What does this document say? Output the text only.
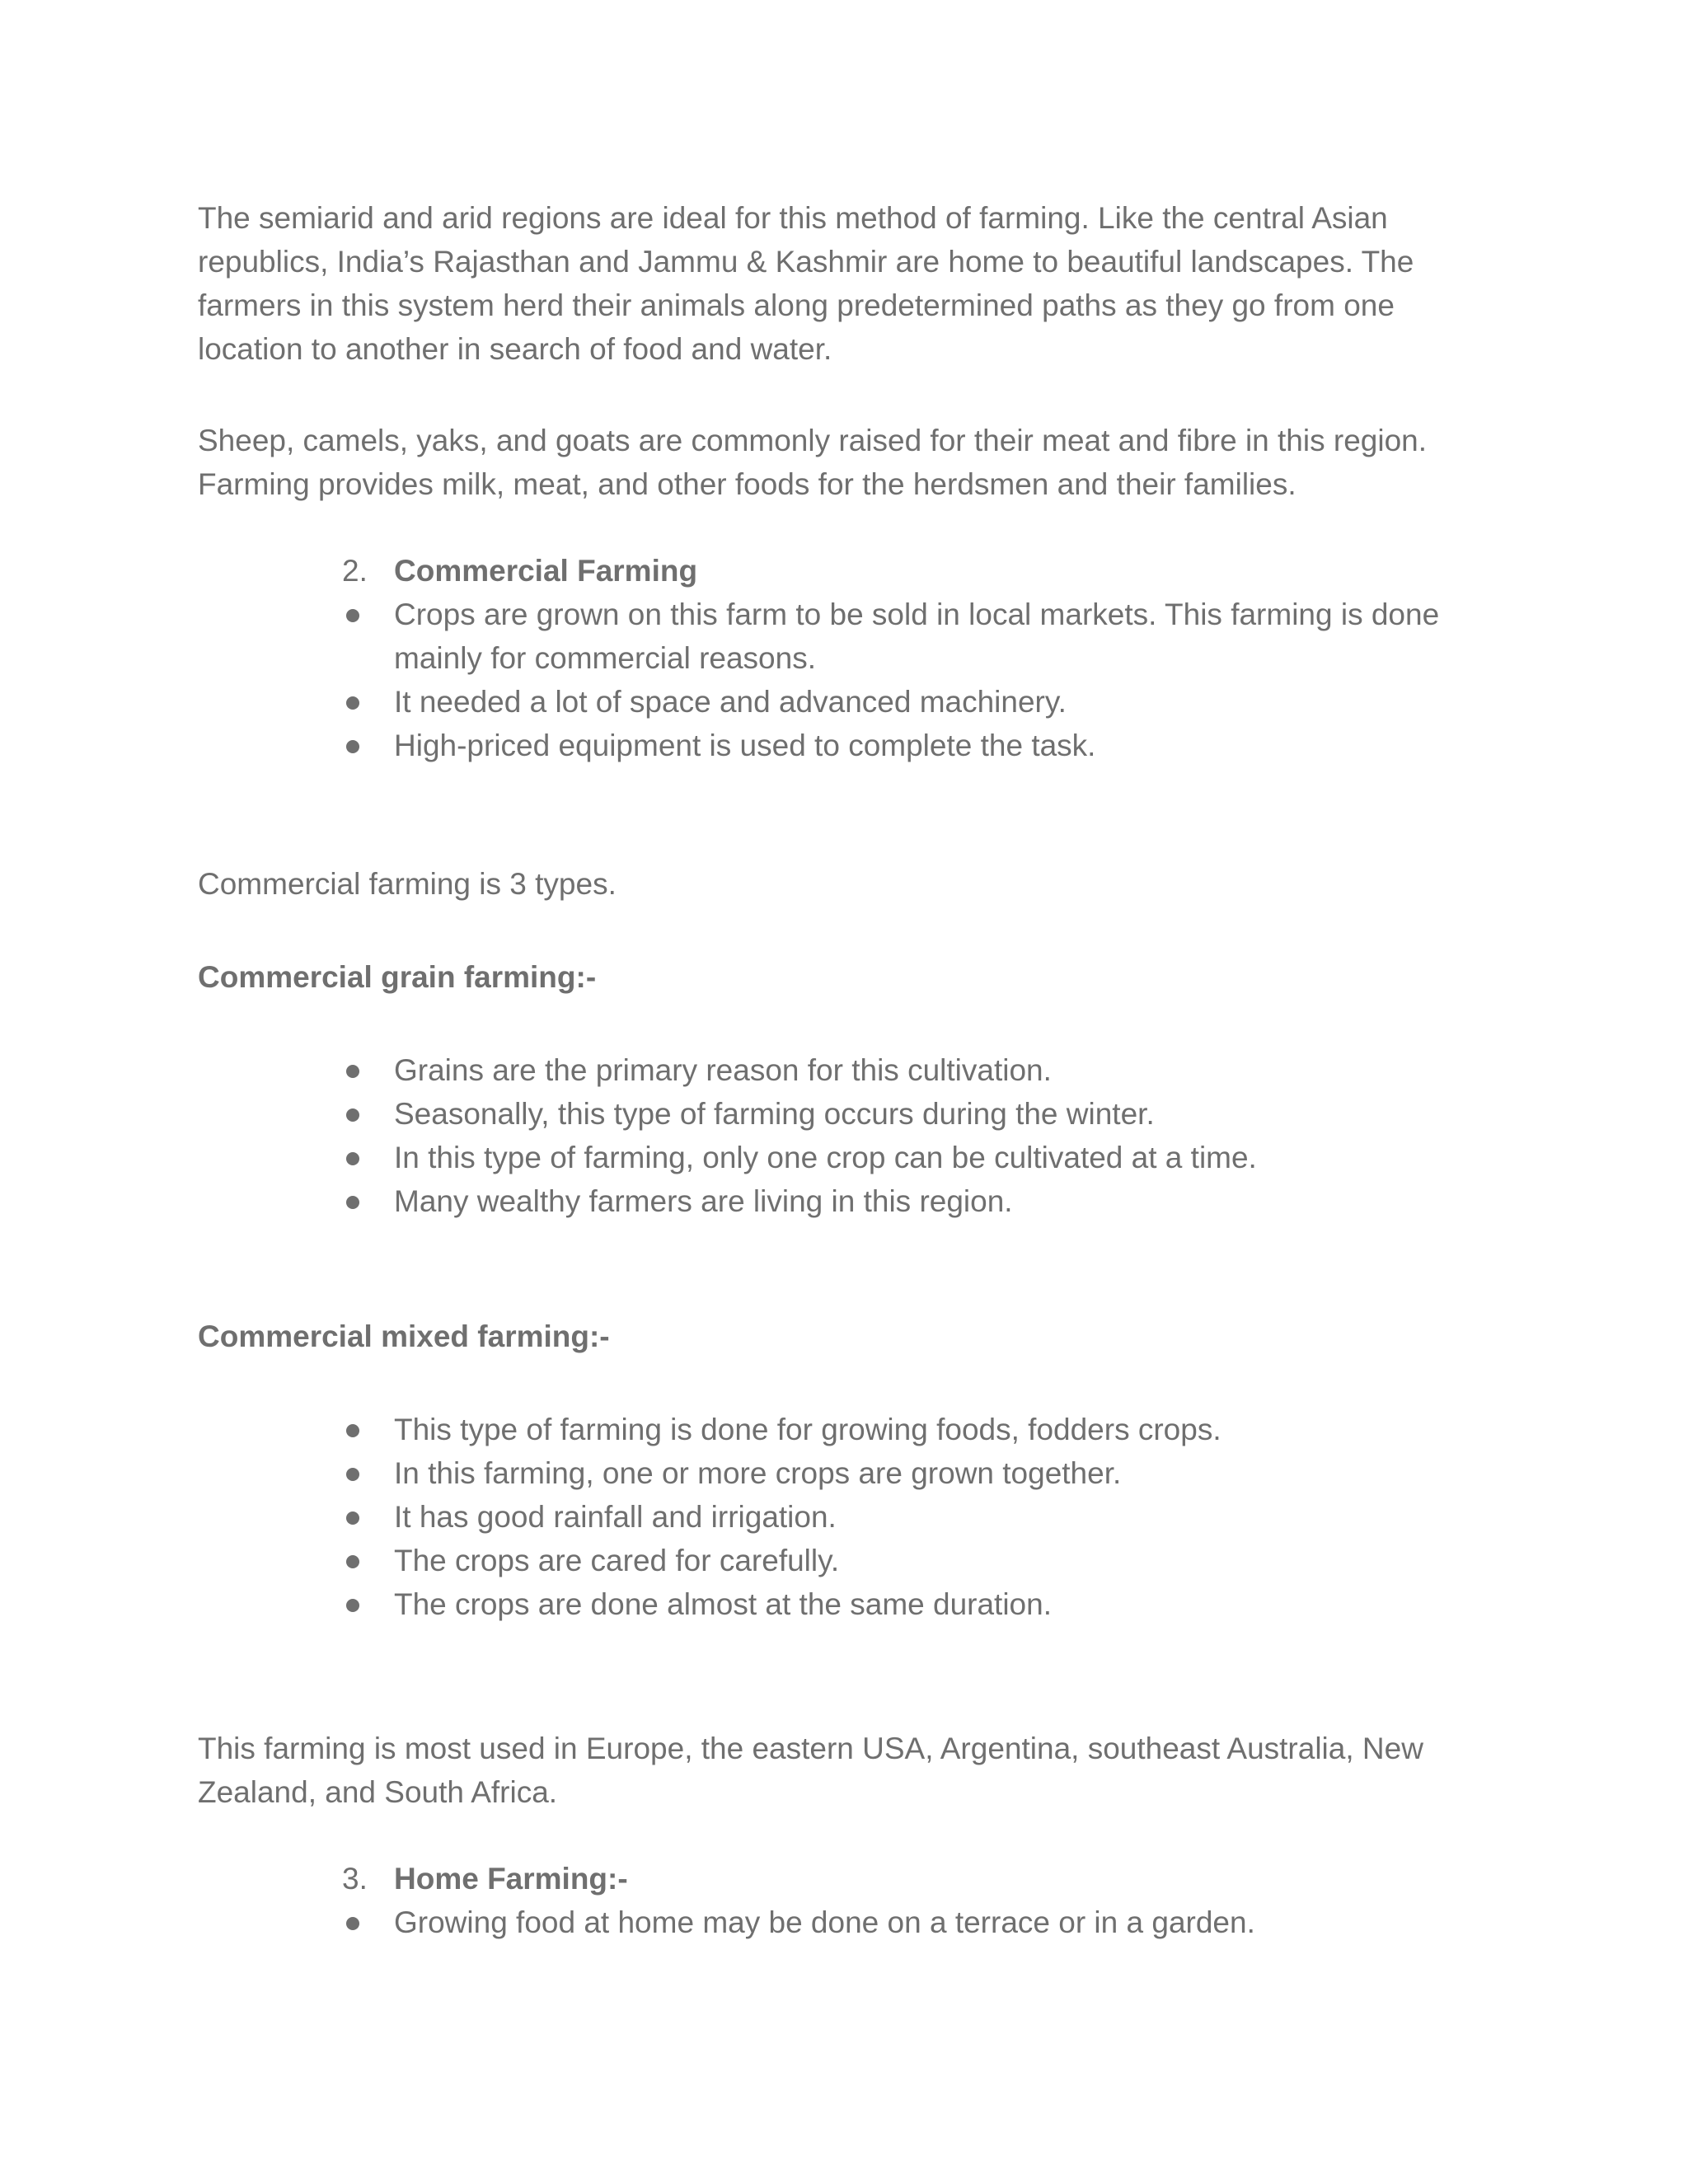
The semiarid and arid regions are ideal for this method of farming. Like the central Asian republics, India’s Rajasthan and Jammu & Kashmir are home to beautiful landscapes. The farmers in this system herd their animals along predetermined paths as they go from one location to another in search of food and water.

Sheep, camels, yaks, and goats are commonly raised for their meat and fibre in this region. Farming provides milk, meat, and other foods for the herdsmen and their families.

2. Commercial Farming
Crops are grown on this farm to be sold in local markets. This farming is done mainly for commercial reasons.
It needed a lot of space and advanced machinery.
High-priced equipment is used to complete the task.

Commercial farming is 3 types.

Commercial grain farming:-

Grains are the primary reason for this cultivation.
Seasonally, this type of farming occurs during the winter.
In this type of farming, only one crop can be cultivated at a time.
Many wealthy farmers are living in this region.

Commercial mixed farming:-

This type of farming is done for growing foods, fodders crops.
In this farming, one or more crops are grown together.
It has good rainfall and irrigation.
The crops are cared for carefully.
The crops are done almost at the same duration.

This farming is most used in Europe, the eastern USA, Argentina, southeast Australia, New Zealand, and South Africa.

3. Home Farming:-
Growing food at home may be done on a terrace or in a garden.
